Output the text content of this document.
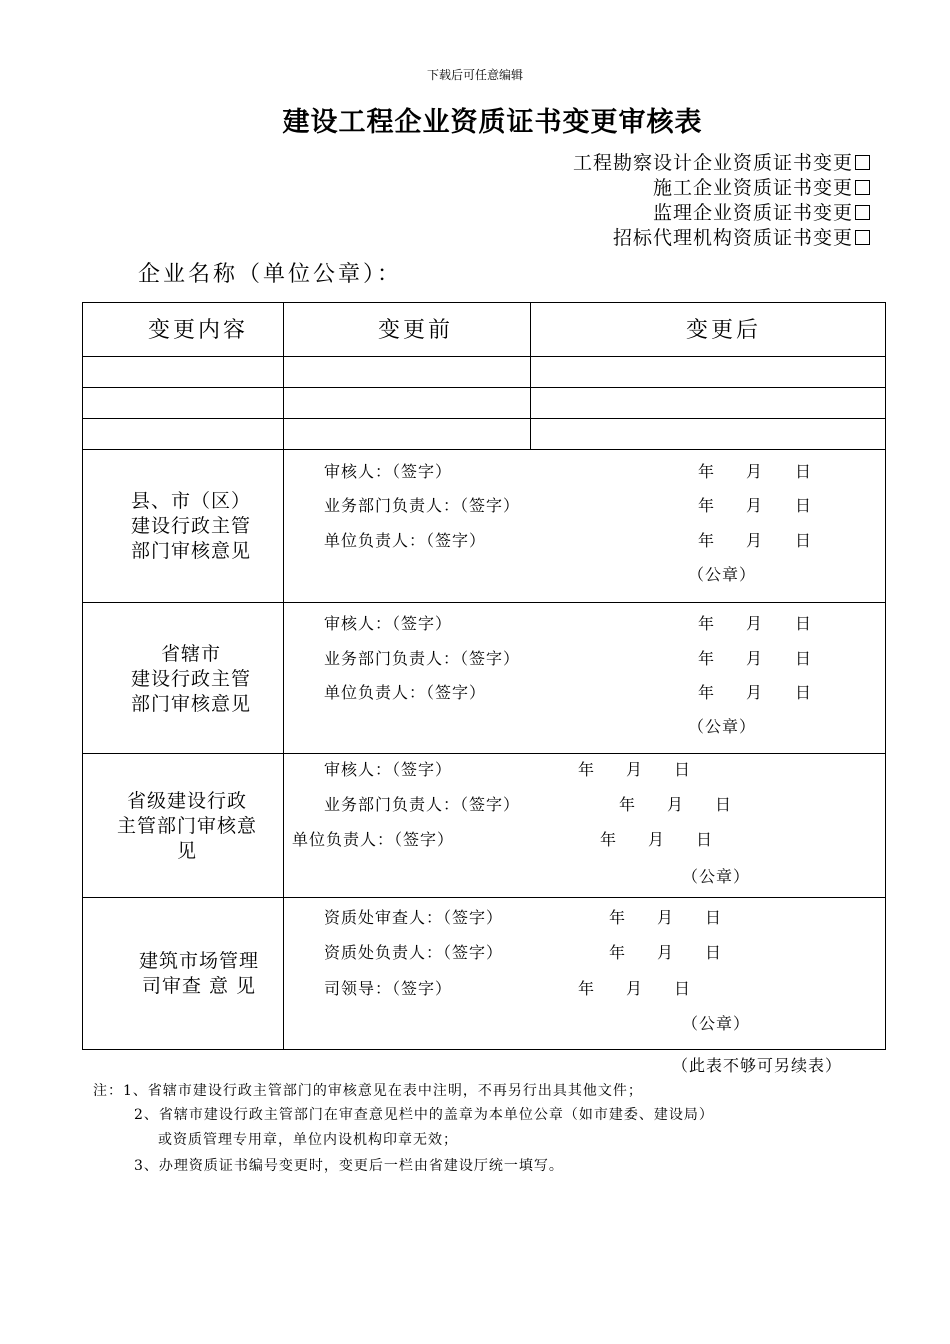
下载后可任意编辑
建设工程企业资质证书变更审核表
工程勘察设计企业资质证书变更
施工企业资质证书变更
监理企业资质证书变更
招标代理机构资质证书变更
企业名称（单位公章）：
变更内容	变更前	变更后
县、市（区）
建设行政主管
部门审核意见
审核人：（签字）
业务部门负责人：（签字）
单位负责人：（签字）
年 月 日
年 月 日
年 月 日
（公章）
省辖市
建设行政主管
部门审核意见
审核人：（签字）
业务部门负责人：（签字）
单位负责人：（签字）
年 月 日
年 月 日
年 月 日
（公章）
省级建设行政
主管部门审核意
见
审核人：（签字）
业务部门负责人：（签字）
单位负责人：（签字）
年 月 日
年 月 日
年 月 日
（公章）
建筑市场管理
司审查 意 见
资质处审查人：（签字）
资质处负责人：（签字）
司领导：（签字）
年 月 日
年 月 日
年 月 日
（公章）
（此表不够可另续表）
注：1、省辖市建设行政主管部门的审核意见在表中注明，不再另行出具其他文件；
2、省辖市建设行政主管部门在审查意见栏中的盖章为本单位公章（如市建委、建设局）
或资质管理专用章，单位内设机构印章无效；
3、办理资质证书编号变更时，变更后一栏由省建设厅统一填写。
